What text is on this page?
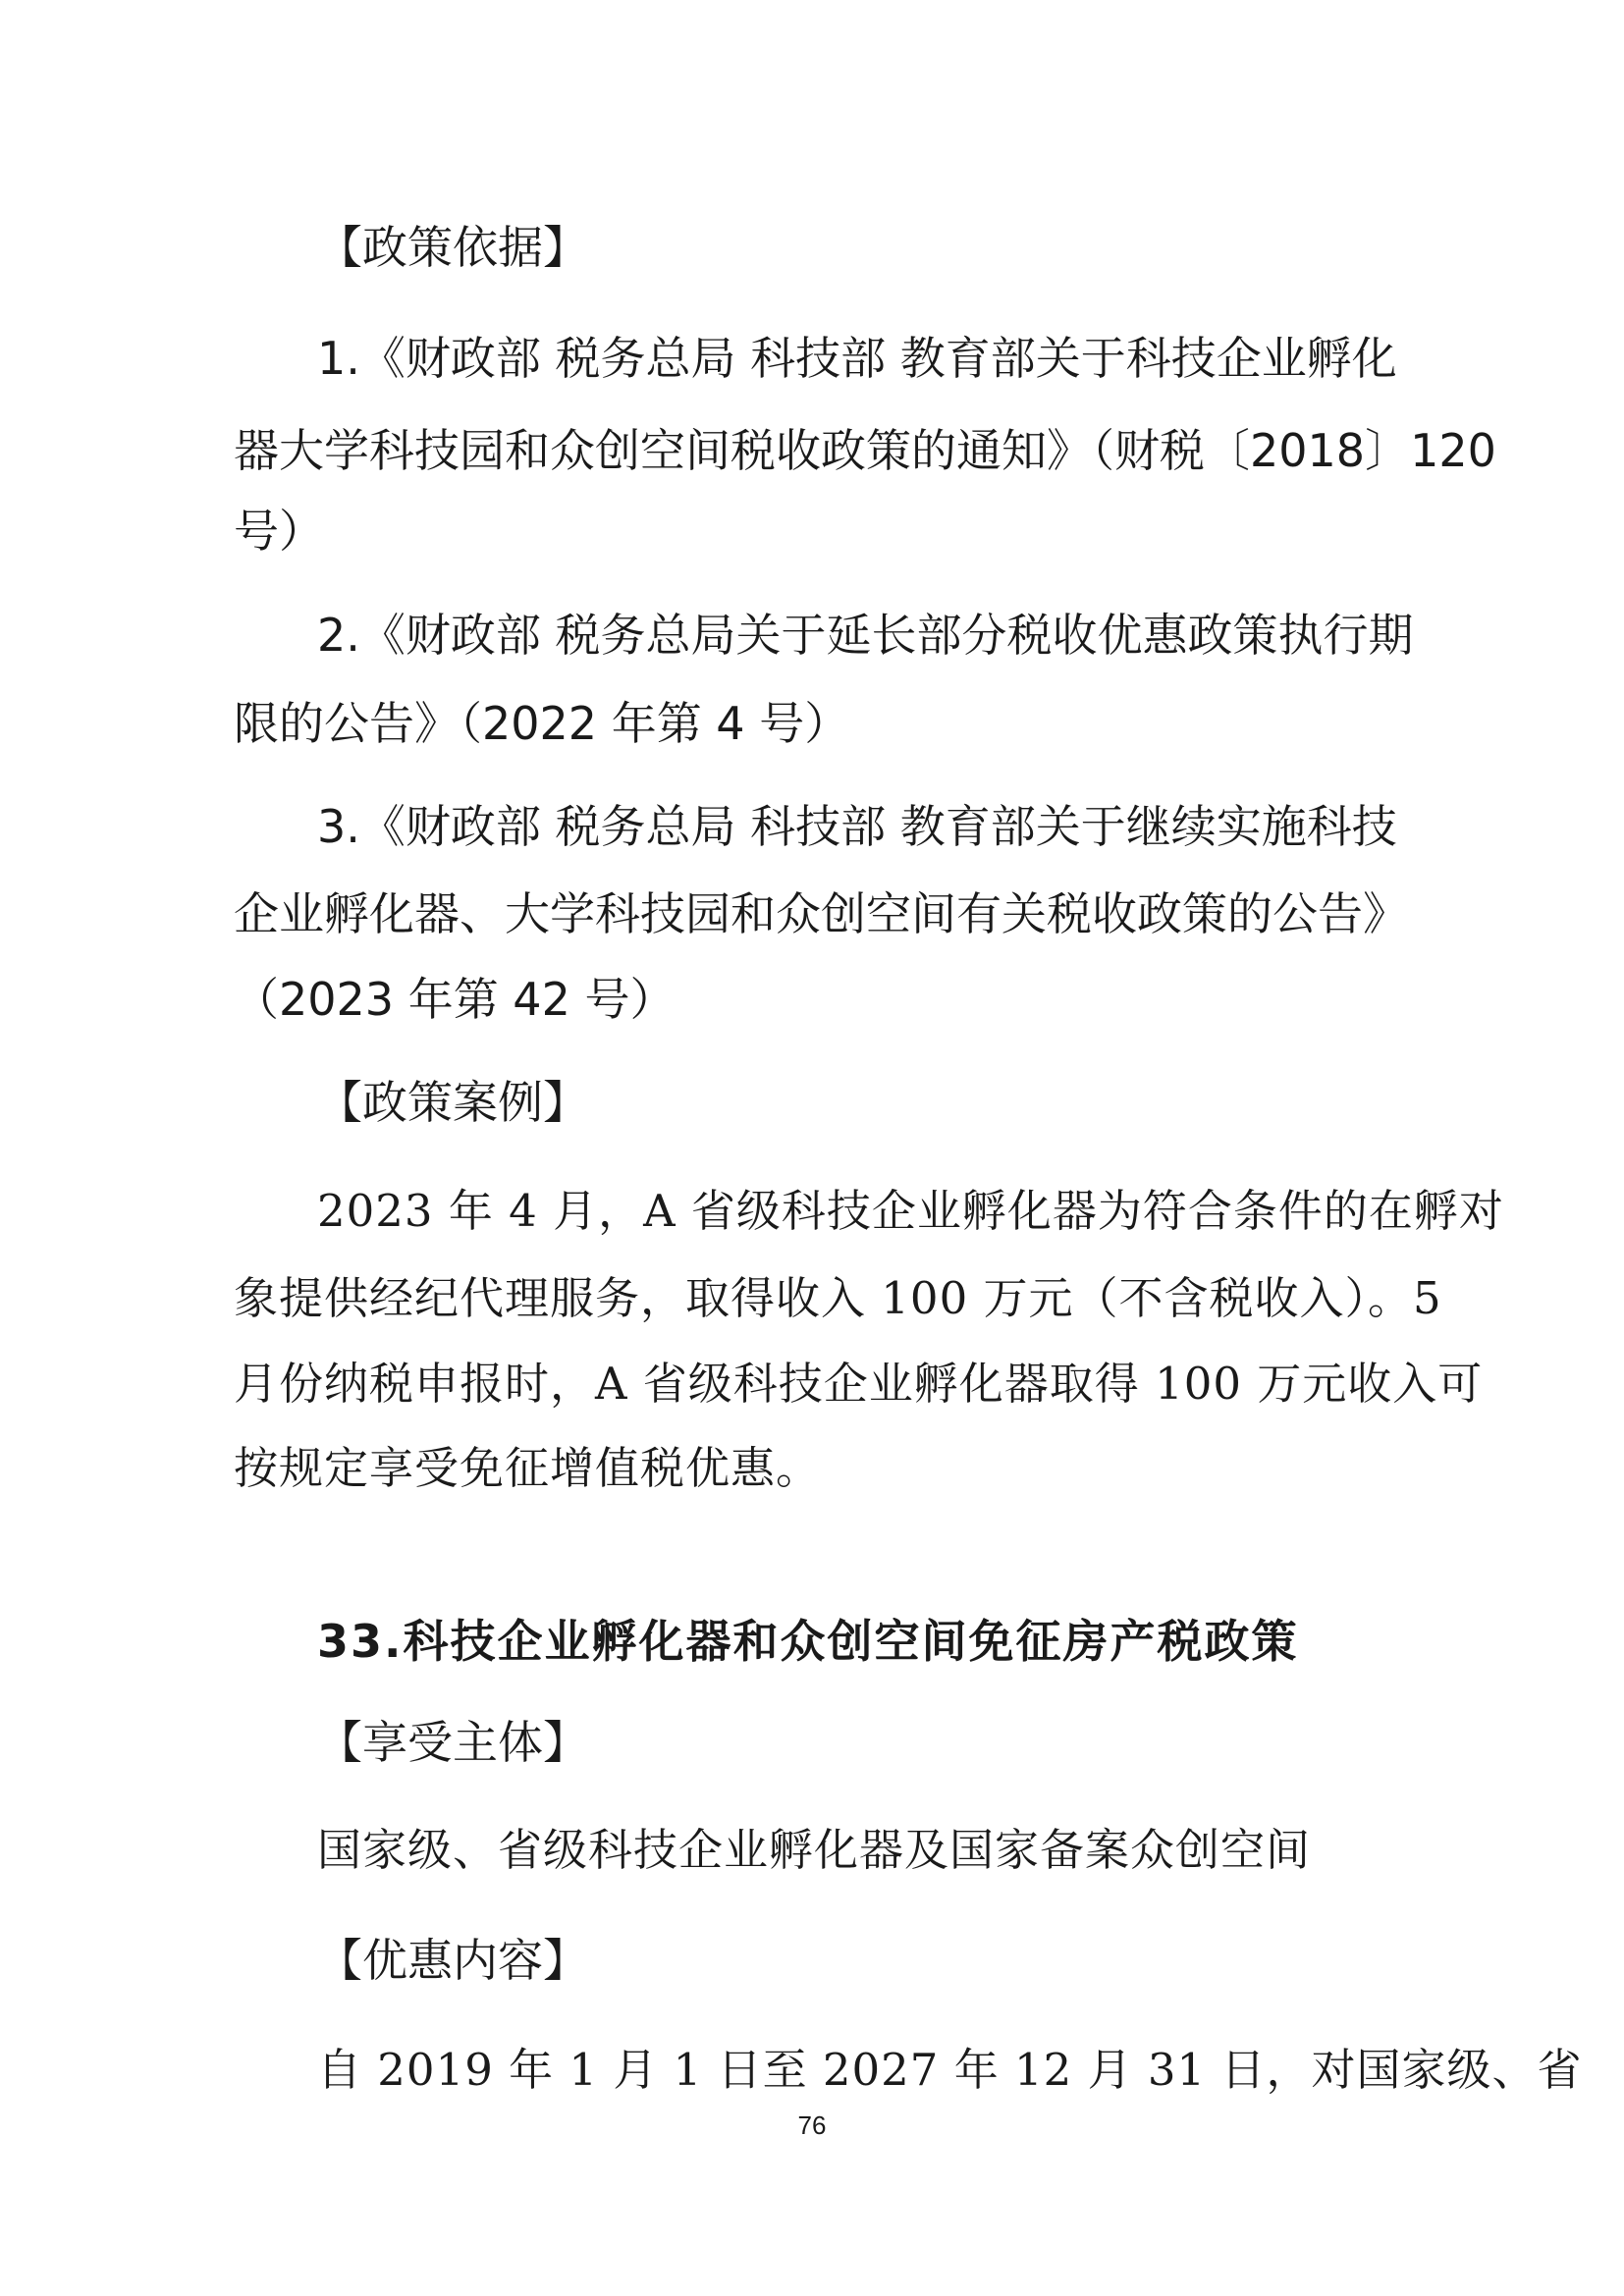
【政策依据】

1.《财政部 税务总局 科技部 教育部关于科技企业孵化

器大学科技园和众创空间税收政策的通知》（财税〔2018〕120

号）

2.《财政部 税务总局关于延长部分税收优惠政策执行期

限的公告》（2022 年第 4 号）

3.《财政部 税务总局 科技部 教育部关于继续实施科技

企业孵化器、大学科技园和众创空间有关税收政策的公告》

（2023 年第 42 号）

【政策案例】

2023 年 4 月，A 省级科技企业孵化器为符合条件的在孵对

象提供经纪代理服务，取得收入 100 万元（不含税收入）。5

月份纳税申报时，A 省级科技企业孵化器取得 100 万元收入可

按规定享受免征增值税优惠。

33.科技企业孵化器和众创空间免征房产税政策

【享受主体】

国家级、省级科技企业孵化器及国家备案众创空间

【优惠内容】

自 2019 年 1 月 1 日至 2027 年 12 月 31 日，对国家级、省

76
